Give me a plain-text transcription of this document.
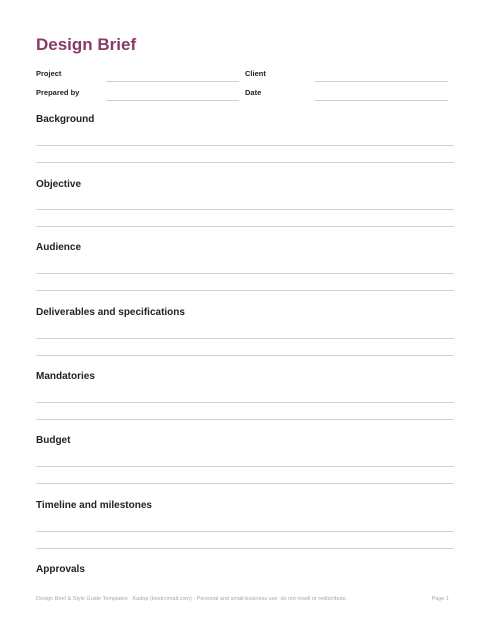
Design Brief
Project	Client
Prepared by	Date
Background
Objective
Audience
Deliverables and specifications
Mandatories
Budget
Timeline and milestones
Approvals
Design Brief & Style Guide Templates · Kadop (bestcnmail.com) · Personal and small-business use; do not resell or redistribute.	Page 1
